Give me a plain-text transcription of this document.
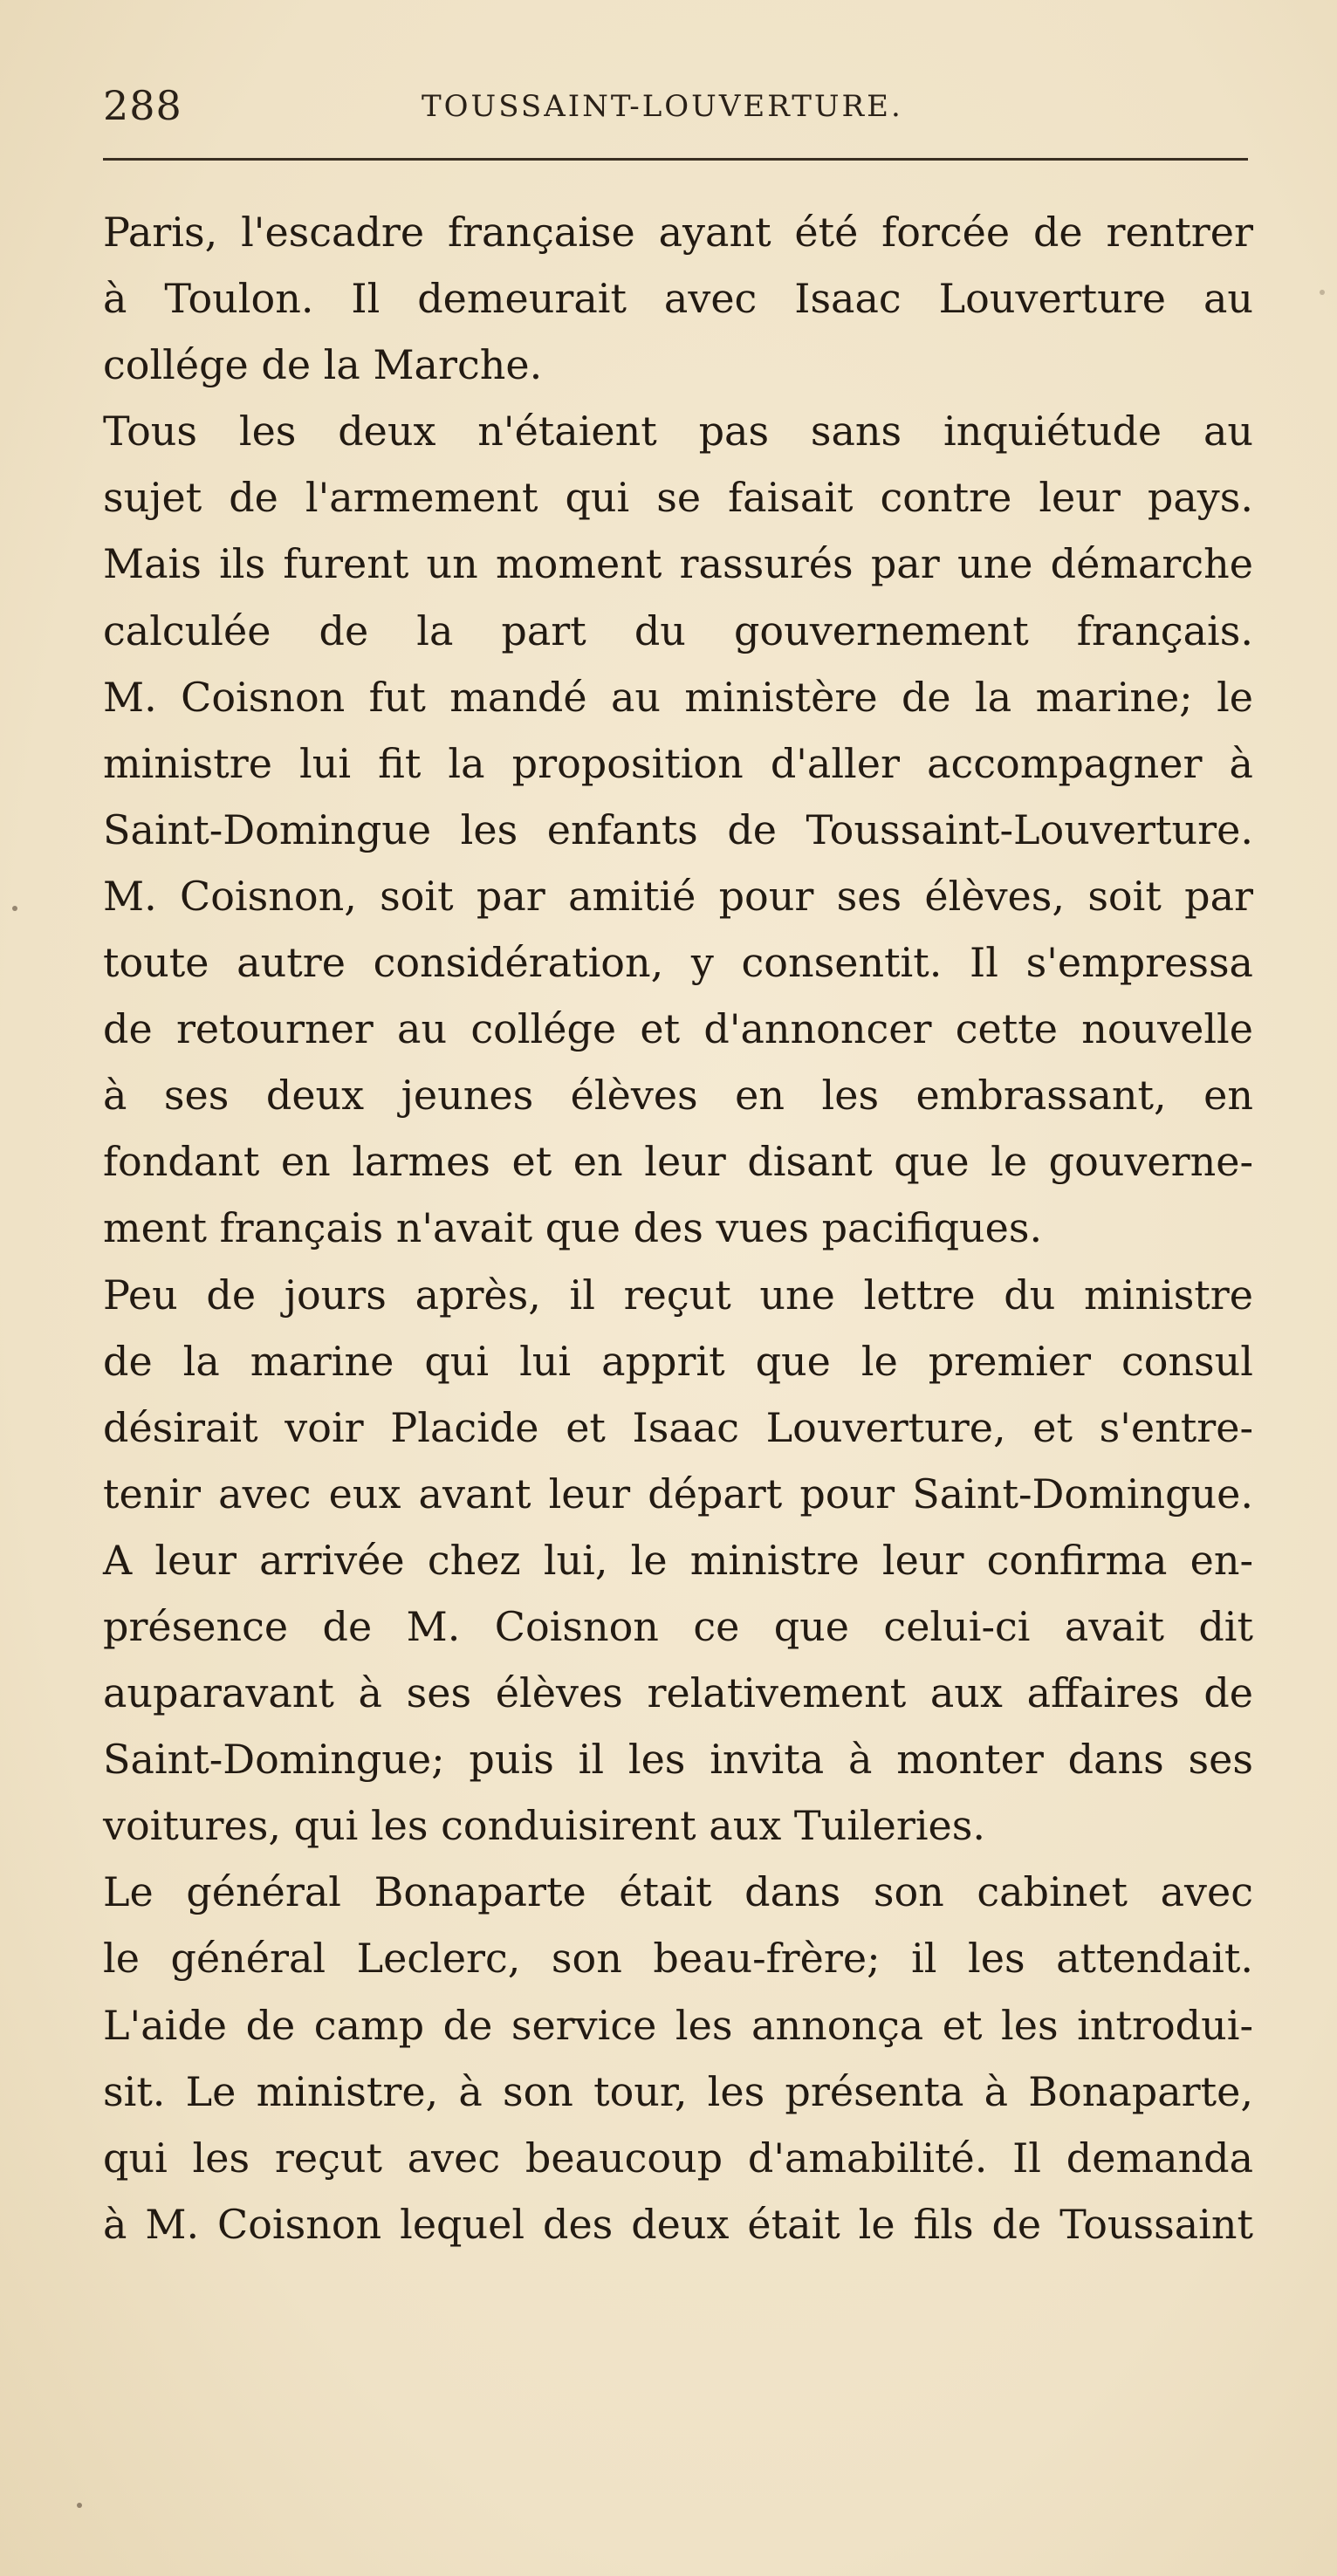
288	TOUSSAINT-LOUVERTURE.
Paris, l'escadre française ayant été forcée de rentrer
à Toulon. Il demeurait avec Isaac Louverture au
collége de la Marche.
Tous les deux n'étaient pas sans inquiétude au
sujet de l'armement qui se faisait contre leur pays.
Mais ils furent un moment rassurés par une démarche
calculée de la part du gouvernement français.
M. Coisnon fut mandé au ministère de la marine; le
ministre lui fit la proposition d'aller accompagner à
Saint-Domingue les enfants de Toussaint-Louverture.
M. Coisnon, soit par amitié pour ses élèves, soit par
toute autre considération, y consentit. Il s'empressa
de retourner au collége et d'annoncer cette nouvelle
à ses deux jeunes élèves en les embrassant, en
fondant en larmes et en leur disant que le gouverne-
ment français n'avait que des vues pacifiques.
Peu de jours après, il reçut une lettre du ministre
de la marine qui lui apprit que le premier consul
désirait voir Placide et Isaac Louverture, et s'entre-
tenir avec eux avant leur départ pour Saint-Domingue.
A leur arrivée chez lui, le ministre leur confirma en-
présence de M. Coisnon ce que celui-ci avait dit
auparavant à ses élèves relativement aux affaires de
Saint-Domingue; puis il les invita à monter dans ses
voitures, qui les conduisirent aux Tuileries.
Le général Bonaparte était dans son cabinet avec
le général Leclerc, son beau-frère; il les attendait.
L'aide de camp de service les annonça et les introdui-
sit. Le ministre, à son tour, les présenta à Bonaparte,
qui les reçut avec beaucoup d'amabilité. Il demanda
à M. Coisnon lequel des deux était le fils de Toussaint
